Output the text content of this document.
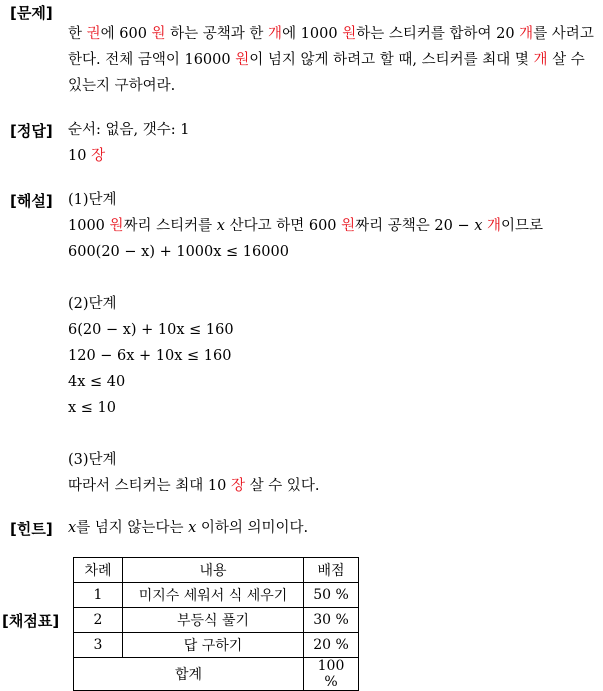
[문제]
한 권에 600 원 하는 공책과 한 개에 1000 원하는 스티커를 합하여 20 개를 사려고
한다. 전체 금액이 16000 원이 넘지 않게 하려고 할 때, 스티커를 최대 몇 개 살 수
있는지 구하여라.
[정답] 순서: 없음, 갯수: 1
10 장
[해설] (1)단계
1000 원짜리 스티커를 x 산다고 하면 600 원짜리 공책은 20 − x 개이므로
600(20 − x) + 1000x ≤ 16000
(2)단계
6(20 − x) + 10x ≤ 160
120 − 6x + 10x ≤ 160
4x ≤ 40
x ≤ 10
(3)단계
따라서 스티커는 최대 10 장 살 수 있다.
[힌트] x를 넘지 않는다는 x 이하의 의미이다.
[채점표]
차례	내용	배점
1	미지수 세워서 식 세우기	50 %
2	부등식 풀기	30 %
3	답 구하기	20 %
합계		100 %
